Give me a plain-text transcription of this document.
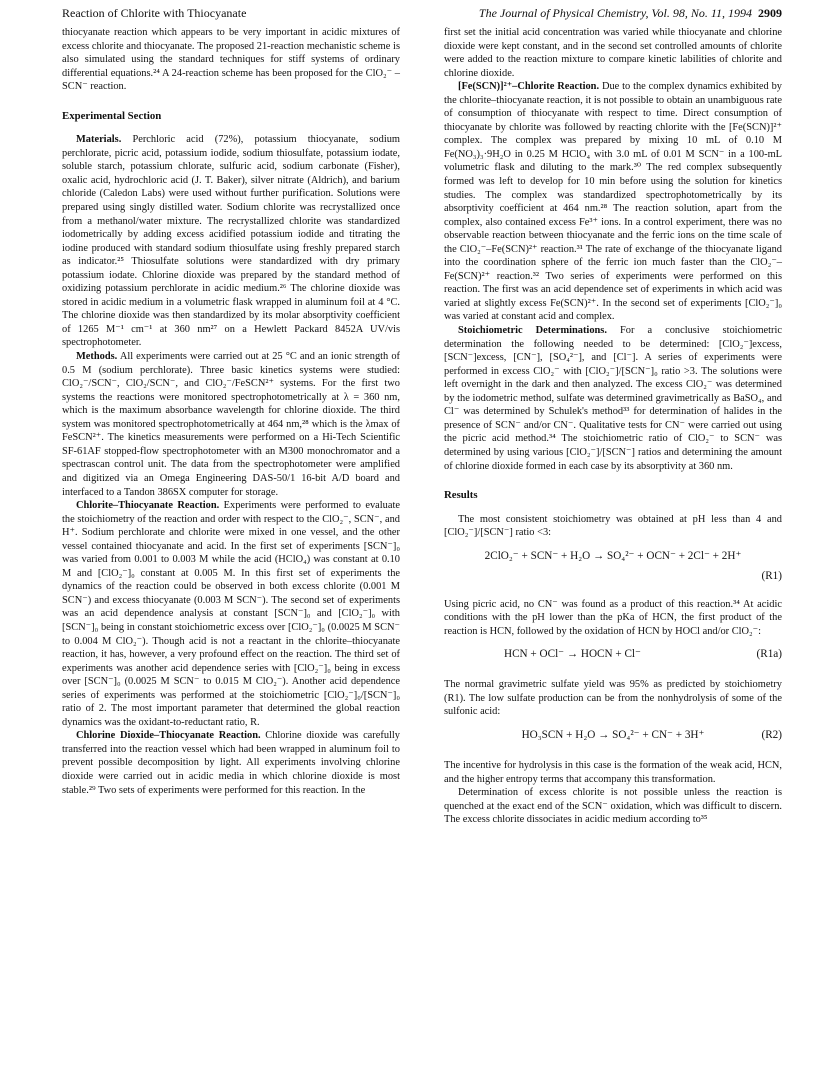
Reaction of Chlorite with Thiocyanate	The Journal of Physical Chemistry, Vol. 98, No. 11, 1994 2909

thiocyanate reaction which appears to be very important in acidic mixtures of excess chlorite and thiocyanate. The proposed 21-reaction mechanistic scheme is also simulated using the standard techniques for stiff systems of ordinary differential equations.²⁴ A 24-reaction scheme has been proposed for the ClO₂⁻ – SCN⁻ reaction.

Experimental Section

Materials. Perchloric acid (72%), potassium thiocyanate, sodium perchlorate, picric acid, potassium iodide, sodium thiosulfate, potassium iodate, soluble starch, potassium chlorate, sulfuric acid, sodium carbonate (Fisher), oxalic acid, hydrochloric acid (J. T. Baker), silver nitrate (Aldrich), and barium chloride (Caledon Labs) were used without further purification. Solutions were prepared using singly distilled water. Sodium chlorite was recrystallized once from a methanol/water mixture. The recrystallized chlorite was standardized iodometrically by adding excess acidified potassium iodide and titrating the iodine produced with standard sodium thiosulfate using freshly prepared starch as indicator.²⁵ Thiosulfate solutions were standardized with dry primary potassium iodate. Chlorine dioxide was prepared by the standard method of oxidizing potassium perchlorate in acidic medium.²⁶ The chlorine dioxide was stored in acidic medium in a volumetric flask wrapped in aluminum foil at 4 °C. The chlorine dioxide was then standardized by its molar absorptivity coefficient of 1265 M⁻¹ cm⁻¹ at 360 nm²⁷ on a Hewlett Packard 8452A UV/vis spectrophotometer.

Methods. All experiments were carried out at 25 °C and an ionic strength of 0.5 M (sodium perchlorate). Three basic kinetics systems were studied: ClO₂⁻/SCN⁻, ClO₂/SCN⁻, and ClO₂⁻/FeSCN²⁺ systems. For the first two systems the reactions were monitored spectrophotometrically at λ = 360 nm, which is the maximum absorbance wavelength for chlorine dioxide. The third system was monitored spectrophotometrically at 464 nm,²⁸ which is the λmax of FeSCN²⁺. The kinetics measurements were performed on a Hi-Tech Scientific SF-61AF stopped-flow spectrophotometer with an M300 monochromator and a spectrascan control unit. The data from the spectrophotometer were amplified and digitized via an Omega Engineering DAS-50/1 16-bit A/D board and interfaced to a Tandon 386SX computer for storage.

Chlorite–Thiocyanate Reaction. Experiments were performed to evaluate the stoichiometry of the reaction and order with respect to the ClO₂⁻, SCN⁻, and H⁺. Sodium perchlorate and chlorite were mixed in one vessel, and the other vessel contained thiocyanate and acid. In the first set of experiments [SCN⁻]₀ was varied from 0.001 to 0.003 M while the acid (HClO₄) was constant at 0.10 M and [ClO₂⁻]₀ constant at 0.005 M. In this first set of experiments the dynamics of the reaction could be observed in both excess chlorite (0.001 M SCN⁻) and excess thiocyanate (0.003 M SCN⁻). The second set of experiments was an acid dependence analysis at constant [SCN⁻]₀ and [ClO₂⁻]₀ with [SCN⁻]₀ being in constant stoichiometric excess over [ClO₂⁻]₀ (0.0025 M SCN⁻ to 0.004 M ClO₂⁻). Though acid is not a reactant in the chlorite–thiocyanate reaction, it has, however, a very profound effect on the reaction. The third set of experiments was another acid dependence series with [ClO₂⁻]₀ being in excess over [SCN⁻]₀ (0.0025 M SCN⁻ to 0.015 M ClO₂⁻). Another acid dependence series of experiments was performed at the stoichiometric [ClO₂⁻]₀/[SCN⁻]₀ ratio of 2. The most important parameter that determined the global reaction dynamics was the oxidant-to-reductant ratio, R.

Chlorine Dioxide–Thiocyanate Reaction. Chlorine dioxide was carefully transferred into the reaction vessel which had been wrapped in aluminum foil to prevent possible decomposition by light. All experiments involving chlorine dioxide were carried out in acidic media in which chlorine dioxide is most stable.²⁹ Two sets of experiments were performed for this reaction. In the

first set the initial acid concentration was varied while thiocyanate and chlorine dioxide were kept constant, and in the second set controlled amounts of chlorite were added to the reaction mixture to compare kinetic labilities of chlorite and chlorine dioxide.

[Fe(SCN)]²⁺–Chlorite Reaction. Due to the complex dynamics exhibited by the chlorite–thiocyanate reaction, it is not possible to obtain an unambiguous rate of consumption of thiocyanate with respect to time. Direct consumption of thiocyanate by chlorite was followed by reacting chlorite with the [Fe(SCN)]²⁺ complex. The complex was prepared by mixing 10 mL of 0.10 M Fe(NO₃)₃·9H₂O in 0.25 M HClO₄ with 3.0 mL of 0.01 M SCN⁻ in a 100-mL volumetric flask and diluting to the mark.³⁰ The red complex subsequently formed was left to develop for 10 min before using the solution for kinetics studies. The complex was standardized spectrophotometrically by its absorptivity coefficient at 464 nm.²⁸ The reaction solution, apart from the complex, also contained excess Fe³⁺ ions. In a control experiment, there was no observable reaction between thiocyanate and the ferric ions on the time scale of the ClO₂⁻–Fe(SCN)²⁺ reaction.³¹ The rate of exchange of the thiocyanate ligand into the coordination sphere of the ferric ion much faster than the ClO₂⁻–Fe(SCN)²⁺ reaction.³² Two series of experiments were performed on this reaction. The first was an acid dependence set of experiments in which acid was varied at slightly excess Fe(SCN)²⁺. In the second set of experiments [ClO₂⁻]₀ was varied at constant acid and complex.

Stoichiometric Determinations. For a conclusive stoichiometric determination the following needed to be determined: [ClO₂⁻]excess, [SCN⁻]excess, [CN⁻], [SO₄²⁻], and [Cl⁻]. A series of experiments were performed in excess ClO₂⁻ with [ClO₂⁻]/[SCN⁻]₀ ratio >3. The solutions were left overnight in the dark and then analyzed. The excess ClO₂⁻ was determined by the iodometric method, sulfate was determined gravimetrically as BaSO₄, and Cl⁻ was determined by Schulek's method³³ for determination of halides in the presence of SCN⁻ and/or CN⁻. Qualitative tests for CN⁻ were carried out using the picric acid method.³⁴ The stoichiometric ratio of ClO₂⁻ to SCN⁻ was determined by using various [ClO₂⁻]/[SCN⁻] ratios and determining the amount of chlorine dioxide formed in each case by its absorptivity at 360 nm.

Results

The most consistent stoichiometry was obtained at pH less than 4 and [ClO₂⁻]/[SCN⁻] ratio <3:

2ClO₂⁻ + SCN⁻ + H₂O → SO₄²⁻ + OCN⁻ + 2Cl⁻ + 2H⁺
(R1)

Using picric acid, no CN⁻ was found as a product of this reaction.³⁴ At acidic conditions with the pH lower than the pKa of HCN, the first product of the reaction is HCN, followed by the oxidation of HCN by HOCl and/or ClO₂⁻:

HCN + OCl⁻ → HOCN + Cl⁻	(R1a)

The normal gravimetric sulfate yield was 95% as predicted by stoichiometry (R1). The low sulfate production can be from the nonhydrolysis of some of the sulfonic acid:

HO₃SCN + H₂O → SO₄²⁻ + CN⁻ + 3H⁺	(R2)

The incentive for hydrolysis in this case is the formation of the weak acid, HCN, and the higher entropy terms that accompany this transformation.

Determination of excess chlorite is not possible unless the reaction is quenched at the exact end of the SCN⁻ oxidation, which was difficult to discern. The excess chlorite dissociates in acidic medium according to³⁵
